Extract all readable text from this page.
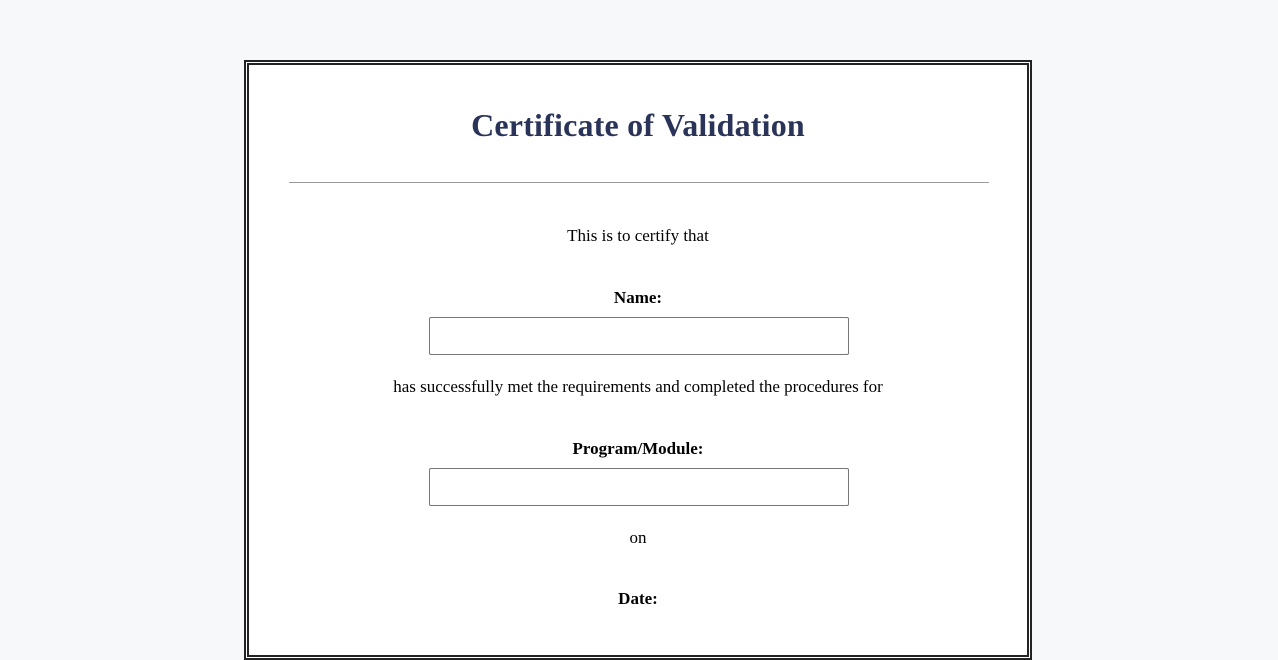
Certificate of Validation
This is to certify that
Name:
has successfully met the requirements and completed the procedures for
Program/Module:
on
Date:
